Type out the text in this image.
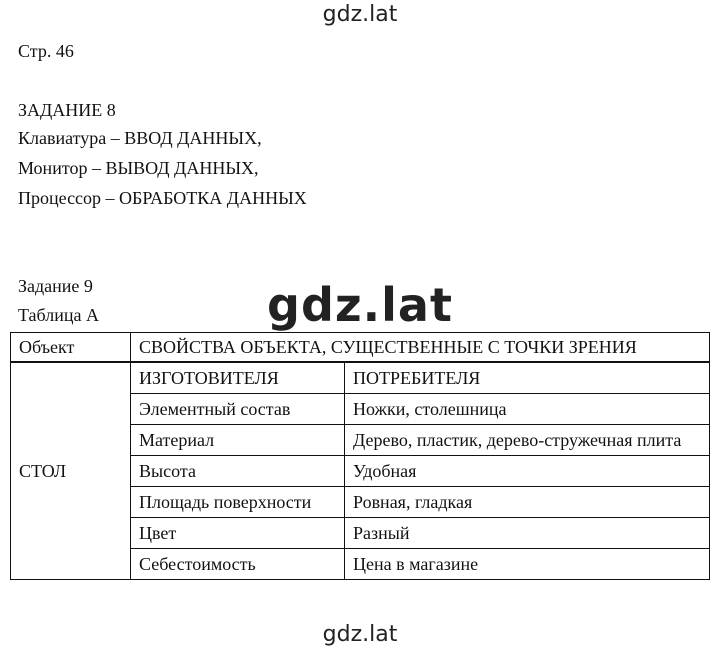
gdz.lat
Стр. 46
ЗАДАНИЕ 8
Клавиатура – ВВОД ДАННЫХ,
Монитор – ВЫВОД ДАННЫХ,
Процессор – ОБРАБОТКА ДАННЫХ
Задание 9
Таблица А	gdz.lat
Объект	СВОЙСТВА ОБЪЕКТА, СУЩЕСТВЕННЫЕ С ТОЧКИ ЗРЕНИЯ	
СТОЛ	ИЗГОТОВИТЕЛЯ	ПОТРЕБИТЕЛЯ
	Элементный состав	Ножки, столешница
	Материал	Дерево, пластик, дерево-стружечная плита
	Высота	Удобная
	Площадь поверхности	Ровная, гладкая
	Цвет	Разный
	Себестоимость	Цена в магазине
gdz.lat
